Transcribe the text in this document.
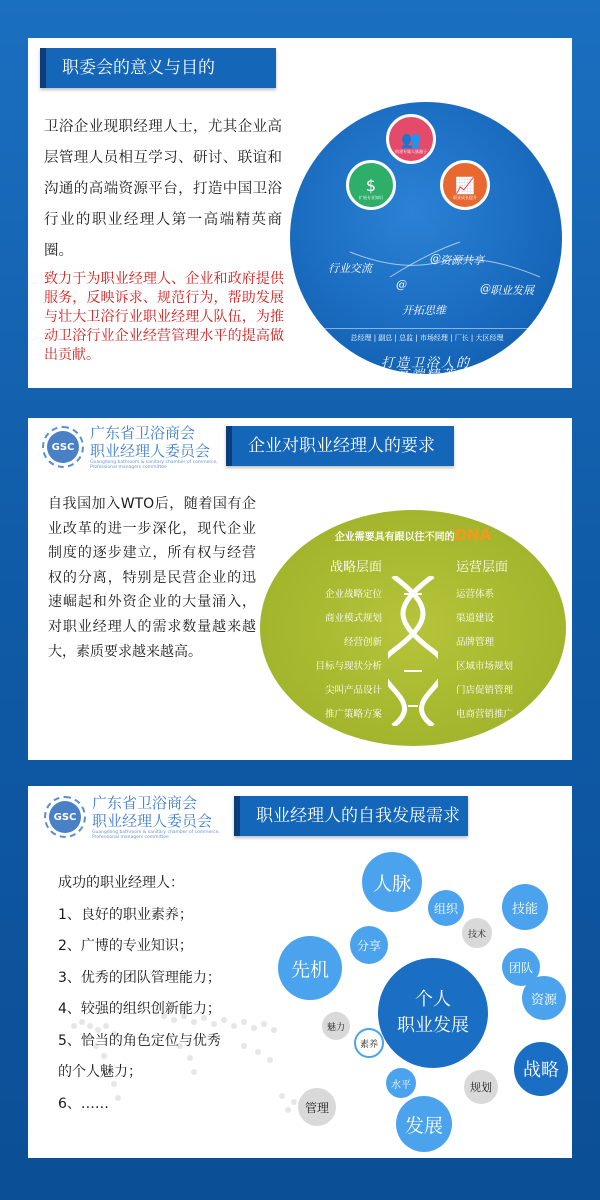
职委会的意义与目的
卫浴企业现职经理人士，尤其企业高层管理人员相互学习、研讨、联谊和沟通的高端资源平台，打造中国卫浴行业的职业经理人第一高端精英商圈。
致力于为职业经理人、企业和政府提供服务，反映诉求、规范行为，帮助发展与壮大卫浴行业职业经理人队伍，为推动卫浴行业企业经营管理水平的提高做出贡献。
👥
构建专属人脉圈子
$
扩展专业知识
📈
职业成长提升
行业交流
资源共享
职业发展
开拓思维
@
@
@
总经理 | 副总 | 总监 | 市场经理 | 厂长 | 大区经理
打造卫浴人的
第一高端精英商圈
GSC
广东省卫浴商会
职业经理人委员会
Guangdong bathroom & sanitary chamber of commerce, Professional managers committee
企业对职业经理人的要求
自我国加入WTO后，随着国有企业改革的进一步深化，现代企业制度的逐步建立，所有权与经营权的分离，特别是民营企业的迅速崛起和外资企业的大量涌入，对职业经理人的需求数量越来越大，素质要求越来越高。
企业需要具有跟以往不同的DNA
战略层面	运营层面
企业战略定位
商业模式规划
经营创新
目标与现状分析
尖叫产品设计
推广策略方案
运营体系
渠道建设
品牌管理
区域市场规划
门店促销管理
电商营销推广
GSC
广东省卫浴商会
职业经理人委员会
Guangdong bathroom & sanitary chamber of commerce, Professional managers committee
职业经理人的自我发展需求
成功的职业经理人：
1、良好的职业素养；
2、广博的专业知识；
3、优秀的团队管理能力；
4、较强的组织创新能力；
5、恰当的角色定位与优秀
的个人魅力；
6、……
人脉
组织	技能
技术
分享
先机	团队
个人
职业发展
资源
魅力
素养
战略
水平	规划
管理
发展
